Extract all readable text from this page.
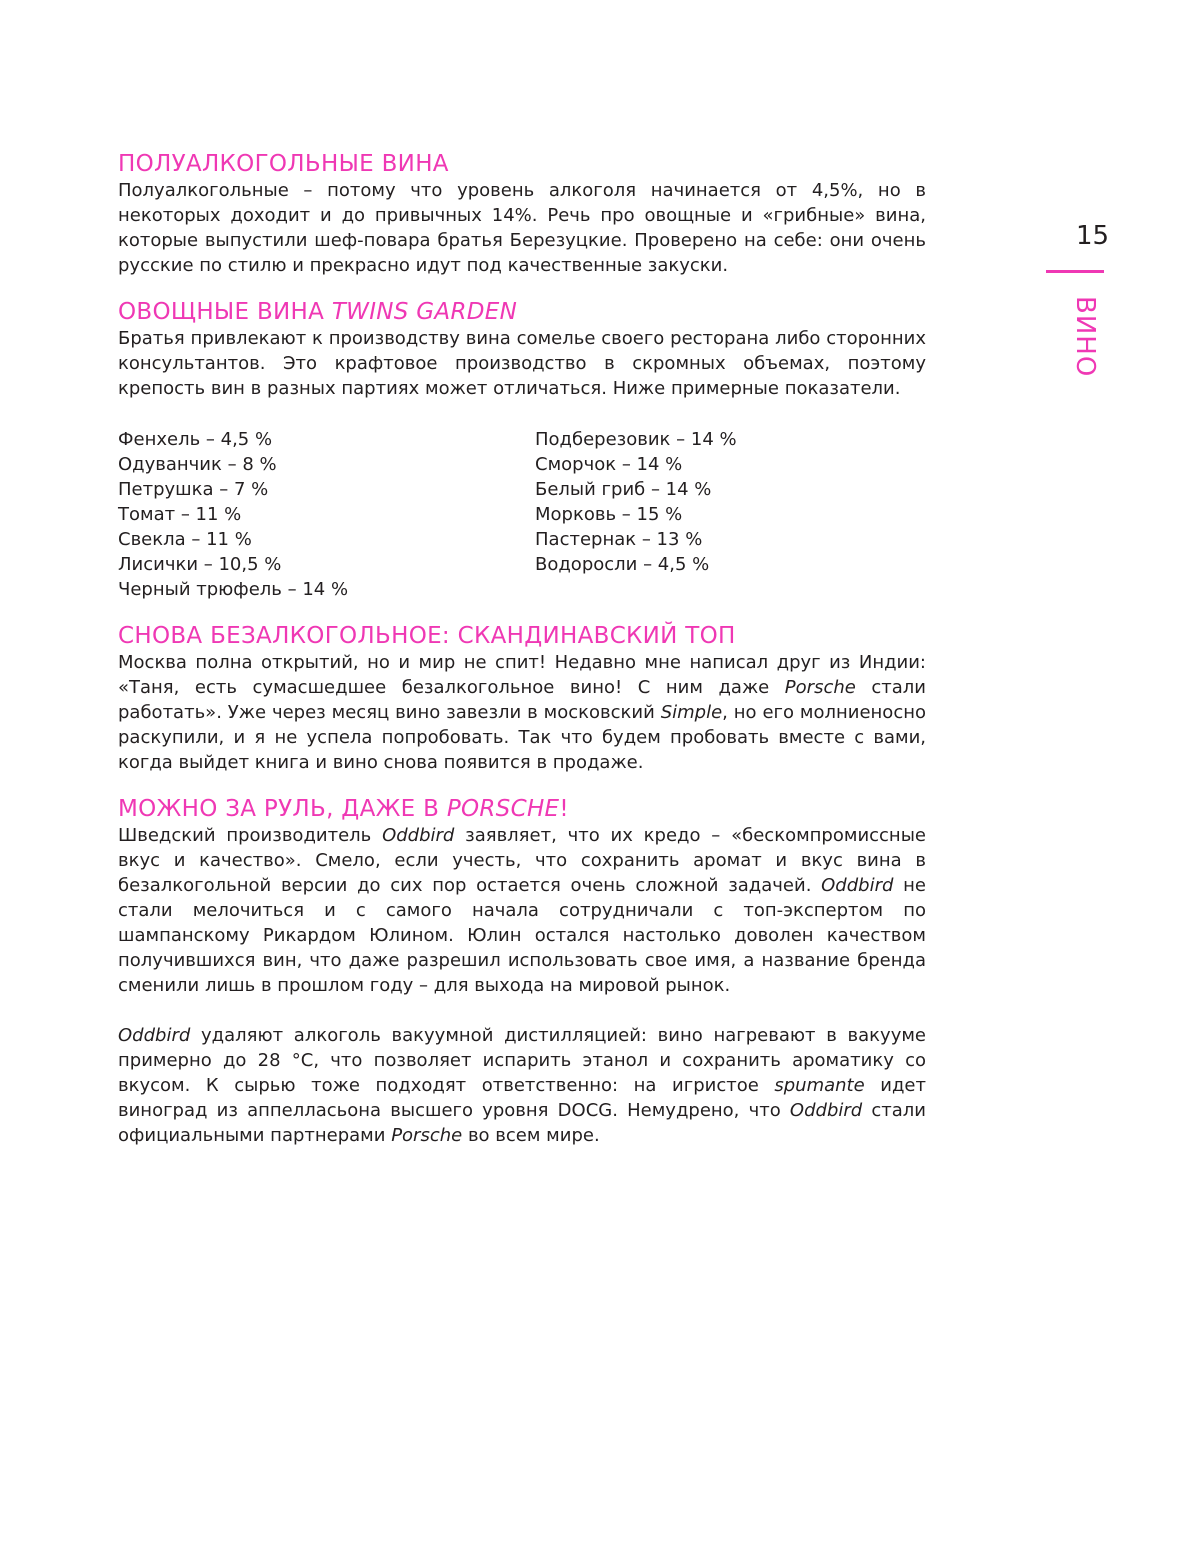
ПОЛУАЛКОГОЛЬНЫЕ ВИНА

Полуалкогольные – потому что уровень алкоголя начинается от 4,5%, но в некоторых доходит и до привычных 14%. Речь про овощные и «грибные» вина, которые выпустили шеф-повара братья Березуцкие. Проверено на себе: они очень русские по стилю и прекрасно идут под качественные закуски.

ОВОЩНЫЕ ВИНА TWINS GARDEN

Братья привлекают к производству вина сомелье своего ресторана либо сторонних консультантов. Это крафтовое производство в скромных объемах, поэтому крепость вин в разных партиях может отличаться. Ниже примерные показатели.

Фенхель – 4,5 %
Одуванчик – 8 %
Петрушка – 7 %
Томат – 11 %
Свекла – 11 %
Лисички – 10,5 %
Черный трюфель – 14 %
Подберезовик – 14 %
Сморчок – 14 %
Белый гриб – 14 %
Морковь – 15 %
Пастернак – 13 %
Водоросли – 4,5 %
СНОВА БЕЗАЛКОГОЛЬНОЕ: СКАНДИНАВСКИЙ ТОП

Москва полна открытий, но и мир не спит! Недавно мне написал друг из Индии: «Таня, есть сумасшедшее безалкогольное вино! С ним даже Porsche стали работать». Уже через месяц вино завезли в московский Simple, но его молниеносно раскупили, и я не успела попробовать. Так что будем пробовать вместе с вами, когда выйдет книга и вино снова появится в продаже.

МОЖНО ЗА РУЛЬ, ДАЖЕ В PORSCHE!

Шведский производитель Oddbird заявляет, что их кредо – «бескомпромиссные вкус и качество». Смело, если учесть, что сохранить аромат и вкус вина в безалкогольной версии до сих пор остается очень сложной задачей. Oddbird не стали мелочиться и с самого начала сотрудничали с топ-экспертом по шампанскому Рикардом Юлином. Юлин остался настолько доволен качеством получившихся вин, что даже разрешил использовать свое имя, а название бренда сменили лишь в прошлом году – для выхода на мировой рынок.

Oddbird удаляют алкоголь вакуумной дистилляцией: вино нагревают в вакууме примерно до 28 °С, что позволяет испарить этанол и сохранить ароматику со вкусом. К сырью тоже подходят ответственно: на игристое spumante идет виноград из аппелласьона высшего уровня DOCG. Немудрено, что Oddbird стали официальными партнерами Porsche во всем мире.

15
ВИНО
